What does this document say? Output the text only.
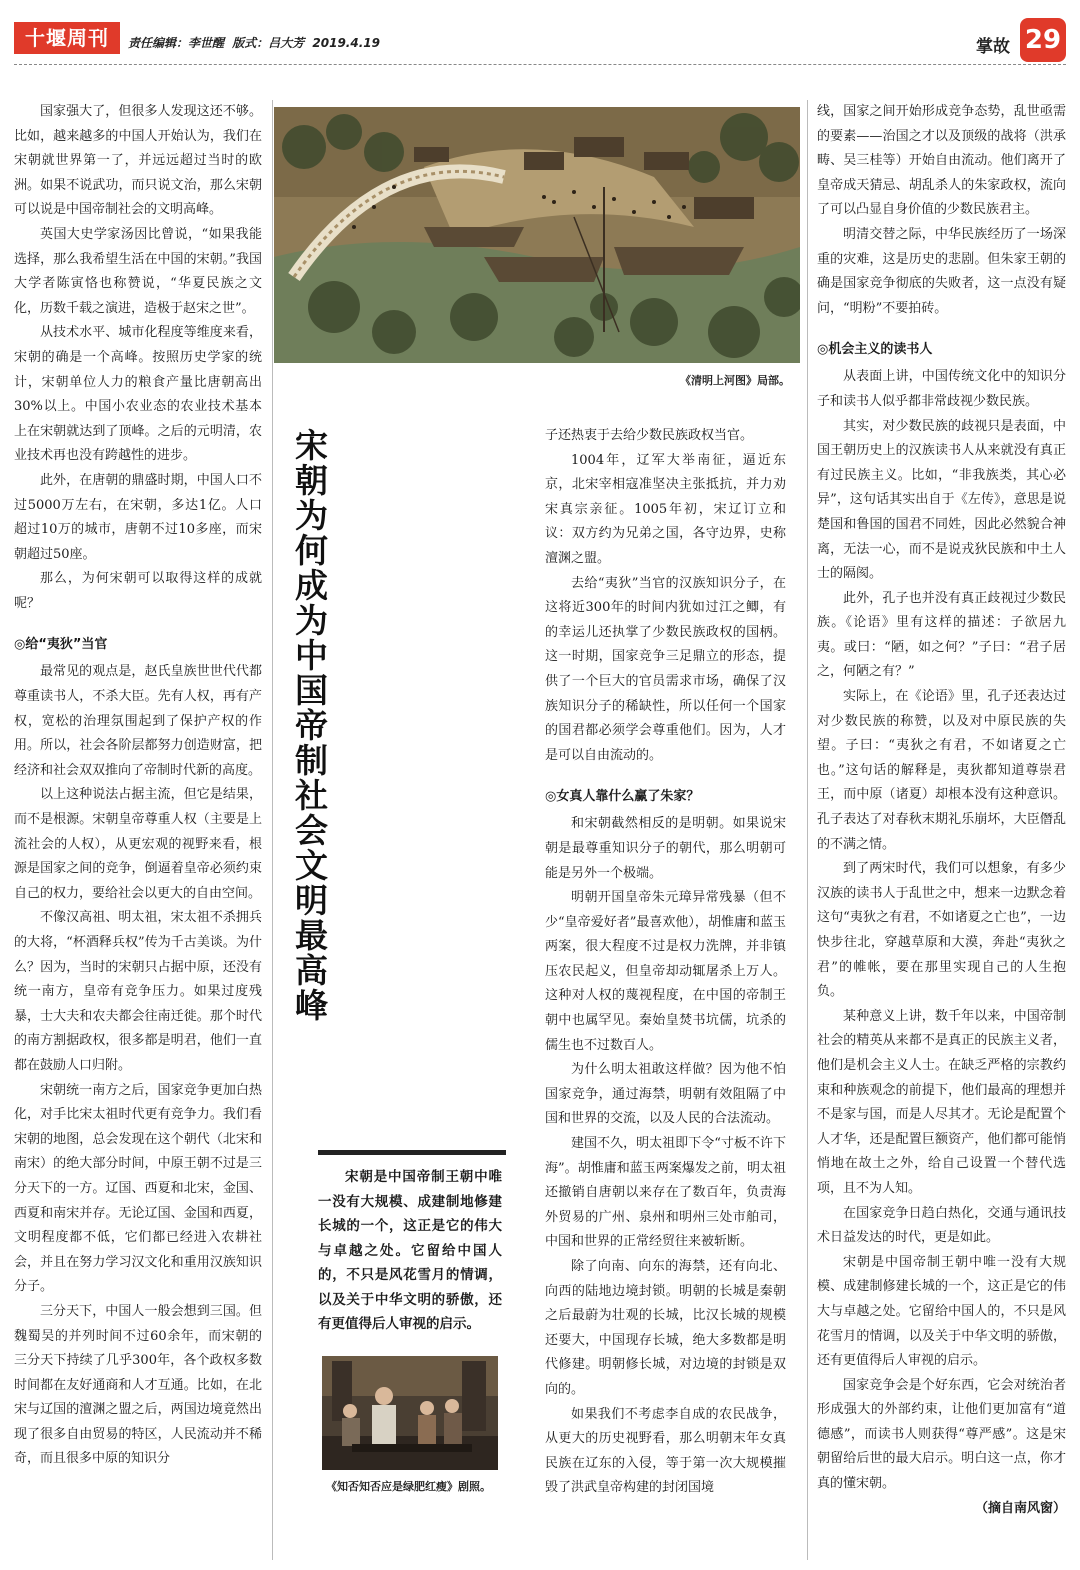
十堰周刊	责任编辑：李世醒 版式：吕大芳 2019.4.19	掌故 29

国家强大了，但很多人发现这还不够。比如，越来越多的中国人开始认为，我们在宋朝就世界第一了，并远远超过当时的欧洲。如果不说武功，而只说文治，那么宋朝可以说是中国帝制社会的文明高峰。

英国大史学家汤因比曾说，“如果我能选择，那么我希望生活在中国的宋朝。”我国大学者陈寅恪也称赞说，“华夏民族之文化，历数千载之演进，造极于赵宋之世”。

从技术水平、城市化程度等维度来看，宋朝的确是一个高峰。按照历史学家的统计，宋朝单位人力的粮食产量比唐朝高出30%以上。中国小农业态的农业技术基本上在宋朝就达到了顶峰。之后的元明清，农业技术再也没有跨越性的进步。

此外，在唐朝的鼎盛时期，中国人口不过5000万左右，在宋朝，多达1亿。人口超过10万的城市，唐朝不过10多座，而宋朝超过50座。

那么，为何宋朝可以取得这样的成就呢？

◎给“夷狄”当官

最常见的观点是，赵氏皇族世世代代都尊重读书人，不杀大臣。先有人权，再有产权，宽松的治理氛围起到了保护产权的作用。所以，社会各阶层都努力创造财富，把经济和社会双双推向了帝制时代新的高度。

以上这种说法占据主流，但它是结果，而不是根源。宋朝皇帝尊重人权（主要是上流社会的人权），从更宏观的视野来看，根源是国家之间的竞争，倒逼着皇帝必须约束自己的权力，要给社会以更大的自由空间。

不像汉高祖、明太祖，宋太祖不杀拥兵的大将，“杯酒释兵权”传为千古美谈。为什么？因为，当时的宋朝只占据中原，还没有统一南方，皇帝有竞争压力。如果过度残暴，士大夫和农夫都会往南迁徙。那个时代的南方割据政权，很多都是明君，他们一直都在鼓励人口归附。

宋朝统一南方之后，国家竞争更加白热化，对手比宋太祖时代更有竞争力。我们看宋朝的地图，总会发现在这个朝代（北宋和南宋）的绝大部分时间，中原王朝不过是三分天下的一方。辽国、西夏和北宋，金国、西夏和南宋并存。无论辽国、金国和西夏，文明程度都不低，它们都已经进入农耕社会，并且在努力学习汉文化和重用汉族知识分子。

三分天下，中国人一般会想到三国。但魏蜀吴的并列时间不过60余年，而宋朝的三分天下持续了几乎300年，各个政权多数时间都在友好通商和人才互通。比如，在北宋与辽国的澶渊之盟之后，两国边境竟然出现了很多自由贸易的特区，人民流动并不稀奇，而且很多中原的知识分

《清明上河图》局部。
宋朝为何成为中国帝制社会文明最高峰

宋朝是中国帝制王朝中唯一没有大规模、成建制地修建长城的一个，这正是它的伟大与卓越之处。它留给中国人的，不只是风花雪月的情调，以及关于中华文明的骄傲，还有更值得后人审视的启示。

《知否知否应是绿肥红瘦》剧照。

子还热衷于去给少数民族政权当官。

1004年，辽军大举南征，逼近东京，北宋宰相寇准坚决主张抵抗，并力劝宋真宗亲征。1005年初，宋辽订立和议：双方约为兄弟之国，各守边界，史称澶渊之盟。

去给“夷狄”当官的汉族知识分子，在这将近300年的时间内犹如过江之鲫，有的幸运儿还执掌了少数民族政权的国柄。这一时期，国家竞争三足鼎立的形态，提供了一个巨大的官员需求市场，确保了汉族知识分子的稀缺性，所以任何一个国家的国君都必须学会尊重他们。因为，人才是可以自由流动的。

◎女真人靠什么赢了朱家？

和宋朝截然相反的是明朝。如果说宋朝是最尊重知识分子的朝代，那么明朝可能是另外一个极端。

明朝开国皇帝朱元璋异常残暴（但不少“皇帝爱好者”最喜欢他），胡惟庸和蓝玉两案，很大程度不过是权力洗牌，并非镇压农民起义，但皇帝却动辄屠杀上万人。这种对人权的蔑视程度，在中国的帝制王朝中也属罕见。秦始皇焚书坑儒，坑杀的儒生也不过数百人。

为什么明太祖敢这样做？因为他不怕国家竞争，通过海禁，明朝有效阻隔了中国和世界的交流，以及人民的合法流动。

建国不久，明太祖即下令“寸板不许下海”。胡惟庸和蓝玉两案爆发之前，明太祖还撤销自唐朝以来存在了数百年，负责海外贸易的广州、泉州和明州三处市舶司，中国和世界的正常经贸往来被斩断。

除了向南、向东的海禁，还有向北、向西的陆地边境封锁。明朝的长城是秦朝之后最蔚为壮观的长城，比汉长城的规模还要大，中国现存长城，绝大多数都是明代修建。明朝修长城，对边境的封锁是双向的。

如果我们不考虑李自成的农民战争，从更大的历史视野看，那么明朝末年女真民族在辽东的入侵，等于第一次大规模摧毁了洪武皇帝构建的封闭国境

线，国家之间开始形成竞争态势，乱世亟需的要素——治国之才以及顶级的战将（洪承畴、吴三桂等）开始自由流动。他们离开了皇帝成天猜忌、胡乱杀人的朱家政权，流向了可以凸显自身价值的少数民族君主。

明清交替之际，中华民族经历了一场深重的灾难，这是历史的悲剧。但朱家王朝的确是国家竞争彻底的失败者，这一点没有疑问，“明粉”不要拍砖。

◎机会主义的读书人

从表面上讲，中国传统文化中的知识分子和读书人似乎都非常歧视少数民族。

其实，对少数民族的歧视只是表面，中国王朝历史上的汉族读书人从来就没有真正有过民族主义。比如，“非我族类，其心必异”，这句话其实出自于《左传》，意思是说楚国和鲁国的国君不同姓，因此必然貌合神离，无法一心，而不是说戎狄民族和中土人士的隔阂。

此外，孔子也并没有真正歧视过少数民族。《论语》里有这样的描述：子欲居九夷。或曰：“陋，如之何？”子曰：“君子居之，何陋之有？”

实际上，在《论语》里，孔子还表达过对少数民族的称赞，以及对中原民族的失望。子曰：“夷狄之有君，不如诸夏之亡也。”这句话的解释是，夷狄都知道尊崇君王，而中原（诸夏）却根本没有这种意识。孔子表达了对春秋末期礼乐崩坏，大臣僭乱的不满之情。

到了两宋时代，我们可以想象，有多少汉族的读书人于乱世之中，想来一边默念着这句“夷狄之有君，不如诸夏之亡也”，一边快步往北，穿越草原和大漠，奔赴“夷狄之君”的帷帐，要在那里实现自己的人生抱负。

某种意义上讲，数千年以来，中国帝制社会的精英从来都不是真正的民族主义者，他们是机会主义人士。在缺乏严格的宗教约束和种族观念的前提下，他们最高的理想并不是家与国，而是人尽其才。无论是配置个人才华，还是配置巨额资产，他们都可能悄悄地在故土之外，给自己设置一个替代选项，且不为人知。

在国家竞争日趋白热化，交通与通讯技术日益发达的时代，更是如此。

宋朝是中国帝制王朝中唯一没有大规模、成建制修建长城的一个，这正是它的伟大与卓越之处。它留给中国人的，不只是风花雪月的情调，以及关于中华文明的骄傲，还有更值得后人审视的启示。

国家竞争会是个好东西，它会对统治者形成强大的外部约束，让他们更加富有“道德感”，而读书人则获得“尊严感”。这是宋朝留给后世的最大启示。明白这一点，你才真的懂宋朝。

（摘自南风窗）
